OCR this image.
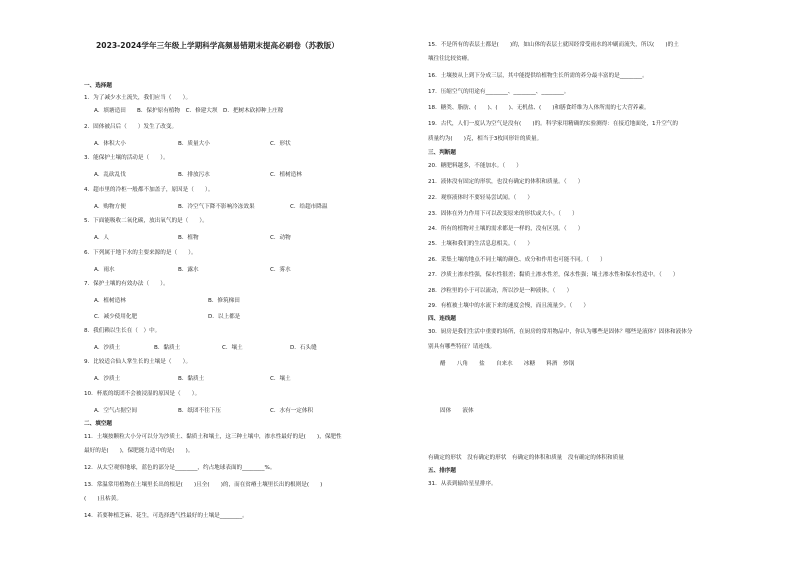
2023-2024学年三年级上学期科学高频易错期末提高必刷卷（苏教版）
一、选择题
1．为了减少水土流失，我们应当（　　）。
A．填塘造田　　B．保护原有植物　C．修建大坝　D．把树木砍掉种上庄稼
2．固体被吕后（　　）发生了改变。
A．体积大小	B．质量大小	C．形状
3．能保护土壤的活动是（　　）。
A．乱砍乱伐	B．排放污水	C．植树造林
4．超市里的冷柜一般都不加盖子，原因是（　　）。
A．购物方便	B．冷空气下降不影响冷冻效果	C．给超市降温
5．下面能吸收二氧化碳，放出氧气的是（　　）。
A．人	B．植物	C．动物
6．下列属于地下水的主要来源的是（　　）。
A．雨水	B．露水	C．雾水
7．保护土壤的有效办法（　　）。
A．植树造林	B．修筑梯田
C．减少使用化肥	D．以上都是
8．我们赖以生长在（　）中。
A．沙质土	B．黏质土	C．壤土	D．石头缝
9．比较适合仙人掌生长的土壤是（　　）。
A．沙质土	B．黏质土	C．壤土
10．杯底的纸团不会被浸湿的原因是（　　）。
A．空气占据空间	B．纸团不往下压	C．水有一定体积
二、填空题
11．土壤按颗粒大小分可以分为沙质土、黏质土和壤土，这三种土壤中，渗水性最好的是(　　)，保肥性
最好的是(　　)，保肥能力适中的是(　　)。
12．从太空观察地球，蓝色的部分是________，约占地球表面的________%。
13．常温常用植物在土壤里长出的根是(　　)且全(　　)的，而在贫瘠土壤里长出的根则是(　　)
(　　)且枯黄。
14．若要种植芝麻、花生，可选择透气性最好的土壤是________。
15．不是所有的表层土都是(　　)的，如山体的表层土就因经常受雨水的冲刷而流失，所以(　　)的土
壤往往比较贫瘠。
16．土壤按从上到下分成三层，其中能提供给植物生长所需的养分最丰富的是________。
17．压缩空气的用途有________、________、________。
18．糖类、脂肪、(　　)、(　　)、无机盐、(　　)和膳食纤维为人体所需的七大营养素。
19．古代，人们一度认为空气是没有(　　)的。科学家用精确的实验测得：在接近地面处，1升空气的
质量约为(　　)克，相当于3枚回形针的质量。
三、判断题
20．糖肥料越多，不能加水。（　　）
21．液体没有固定的形状，也没有确定的体积和质量。（　　）
22．观察液体时不要轻易尝试闻。（　　）
23．固体在外力作用下可以改变原来的形状或大小。（　　）
24．所有的植物对土壤的需求都是一样的，没有区别。（　　）
25．土壤和我们的生活息息相关。（　　）
26．采集土壤的地点不同土壤的颜色、成分和作用也可能不同。（　　）
27．沙质土渗水性强，保水性很差；黏质土渗水性差，保水性强；壤土渗水性和保水性适中。（　　）
28．沙粒里的小于可以流动，所以沙是一种液体。（　　）
29．有植被土壤中的水流下来的速度会慢，而且流量少。（　　）
四、连线题
30．厨房是我们生活中重要的场所，在厨房的常用物品中，你认为哪些是固体？哪些是液体？固体和液体分
别具有哪些特征？请连线。
醋　　八角　　盐　　自来水　　冰糖　　料酒　炒锅
固体　　液体
有确定的形状　没有确定的形状　有确定的体积和质量　没有确定的体积和质量
五、排序题
31．从表到输给星星排序。
